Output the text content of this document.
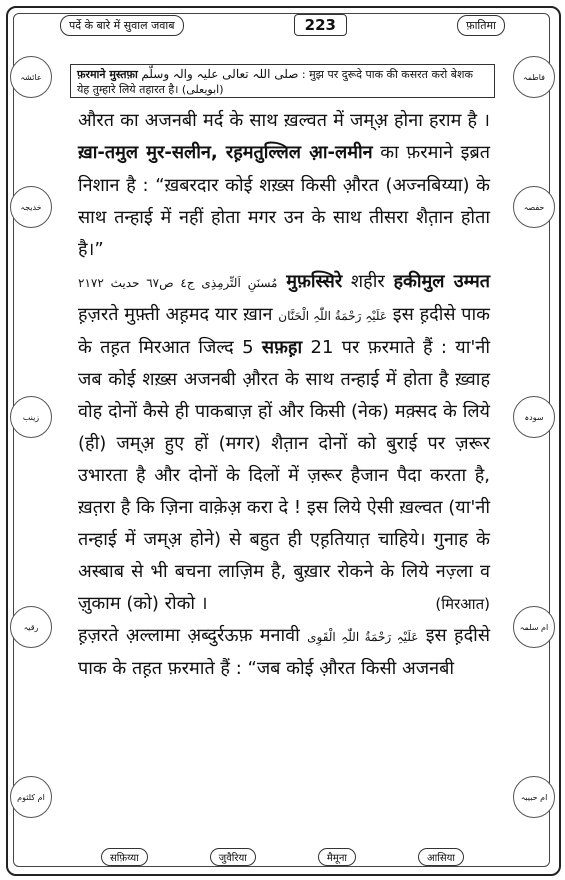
पर्दे के बारे में सुवाल जवाब	223	फ़ातिमा
फ़रमाने मुस्तफ़ा صلی اللہ تعالی علیہ والہ وسلّم : मुझ पर दुरूदे पाक की कसरत करो बेशक येह तुम्हारे लिये तहारत है। (ابویعلی)
عائشہ
خدیجہ
زینب
رقیہ
ام کلثوم
فاطمہ
حفصہ
سودہ
ام سلمہ
ام حبیبہ

औरत का अजनबी मर्द के साथ ख़ल्वत में जम्अ़ होना हराम है । ख़ा-तमुल मुर-सलीन, रह़मतुल्लिल आ़-लमीन का फ़रमाने इब्रत निशान है : “ख़बरदार कोई शख़्स किसी औ़रत (अज्नबिय्या) के साथ तन्हाई में नहीं होता मगर उन के साथ तीसरा शैत़ान होता है।”

مُسنَنِ اَلتِّرمِذِی ج٤ ص٦٧ حدیث ٢١٧٢ मुफ़स्सिरे शहीर हकीमुल उम्मत ह़ज़रते मुफ़्ती अह़मद यार ख़ान عَلَیْہِ رَحْمَةُ اللّٰہِ الْحَنَّان इस ह़दीसे पाक के तह़त मिरआत जिल्द 5 सफ़ह़ा 21 पर फ़रमाते हैं : या'नी जब कोई शख़्स अजनबी औ़रत के साथ तन्हाई में होता है ख़्वाह वोह दोनों कैसे ही पाकबाज़ हों और किसी (नेक) मक़्सद के लिये (ही) जम्अ़ हुए हों (मगर) शैत़ान दोनों को बुराई पर ज़रूर उभारता है और दोनों के दिलों में ज़रूर हैजान पैदा करता है, ख़त़रा है कि ज़िना वाक़ेअ़ करा दे ! इस लिये ऐसी ख़ल्वत (या'नी तन्हाई में जम्अ़ होने) से बहुत ही एह़तियात़ चाहिये। गुनाह के अस्बाब से भी बचना लाज़िम है, बुख़ार रोकने के लिये नज़्ला व ज़ुकाम (को) रोको ।	(मिरआत)

ह़ज़रते अ़ल्लामा अ़ब्दुर्रऊफ़ मनावी عَلَیْہِ رَحْمَةُ اللّٰہِ الْقَوِی इस ह़दीसे पाक के तह़त फ़रमाते हैं : “जब कोई औ़रत किसी अजनबी

सफ़िय्या	जुवैरिया	मैमूना	आसिया
